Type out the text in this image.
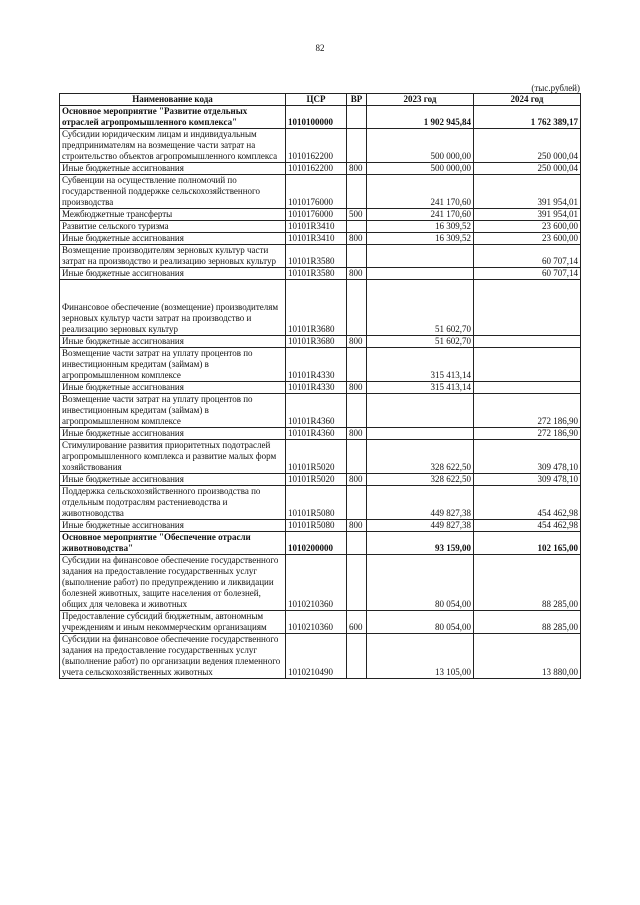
82
(тыс.рублей)
Наименование кода	ЦСР	ВР	2023 год	2024 год
Основное мероприятие "Развитие отдельных отраслей агропромышленного комплекса"	1010100000		1 902 945,84	1 762 389,17
Субсидии юридическим лицам и индивидуальным предпринимателям на возмещение части затрат на строительство объектов агропромышленного комплекса	1010162200		500 000,00	250 000,04
Иные бюджетные ассигнования	1010162200	800	500 000,00	250 000,04
Субвенции на осуществление полномочий по государственной поддержке сельскохозяйственного производства	1010176000		241 170,60	391 954,01
Межбюджетные трансферты	1010176000	500	241 170,60	391 954,01
Развитие сельского туризма	10101R3410		16 309,52	23 600,00
Иные бюджетные ассигнования	10101R3410	800	16 309,52	23 600,00
Возмещение производителям зерновых культур части затрат на производство и реализацию зерновых культур	10101R3580			60 707,14
Иные бюджетные ассигнования	10101R3580	800		60 707,14
Финансовое обеспечение (возмещение) производителям зерновых культур части затрат на производство и реализацию зерновых культур	10101R3680		51 602,70	
Иные бюджетные ассигнования	10101R3680	800	51 602,70	
Возмещение части затрат на уплату процентов по инвестиционным кредитам (займам) в агропромышленном комплексе	10101R4330		315 413,14	
Иные бюджетные ассигнования	10101R4330	800	315 413,14	
Возмещение части затрат на уплату процентов по инвестиционным кредитам (займам) в агропромышленном комплексе	10101R4360			272 186,90
Иные бюджетные ассигнования	10101R4360	800		272 186,90
Стимулирование развития приоритетных подотраслей агропромышленного комплекса и развитие малых форм хозяйствования	10101R5020		328 622,50	309 478,10
Иные бюджетные ассигнования	10101R5020	800	328 622,50	309 478,10
Поддержка сельскохозяйственного производства по отдельным подотраслям растениеводства и животноводства	10101R5080		449 827,38	454 462,98
Иные бюджетные ассигнования	10101R5080	800	449 827,38	454 462,98
Основное мероприятие "Обеспечение отрасли животноводства"	1010200000		93 159,00	102 165,00
Субсидии на финансовое обеспечение государственного задания на предоставление государственных услуг (выполнение работ) по предупреждению и ликвидации болезней животных, защите населения от болезней, общих для человека и животных	1010210360		80 054,00	88 285,00
Предоставление субсидий бюджетным, автономным учреждениям и иным некоммерческим организациям	1010210360	600	80 054,00	88 285,00
Субсидии на финансовое обеспечение государственного задания на предоставление государственных услуг (выполнение работ) по организации ведения племенного учета сельскохозяйственных животных	1010210490		13 105,00	13 880,00
